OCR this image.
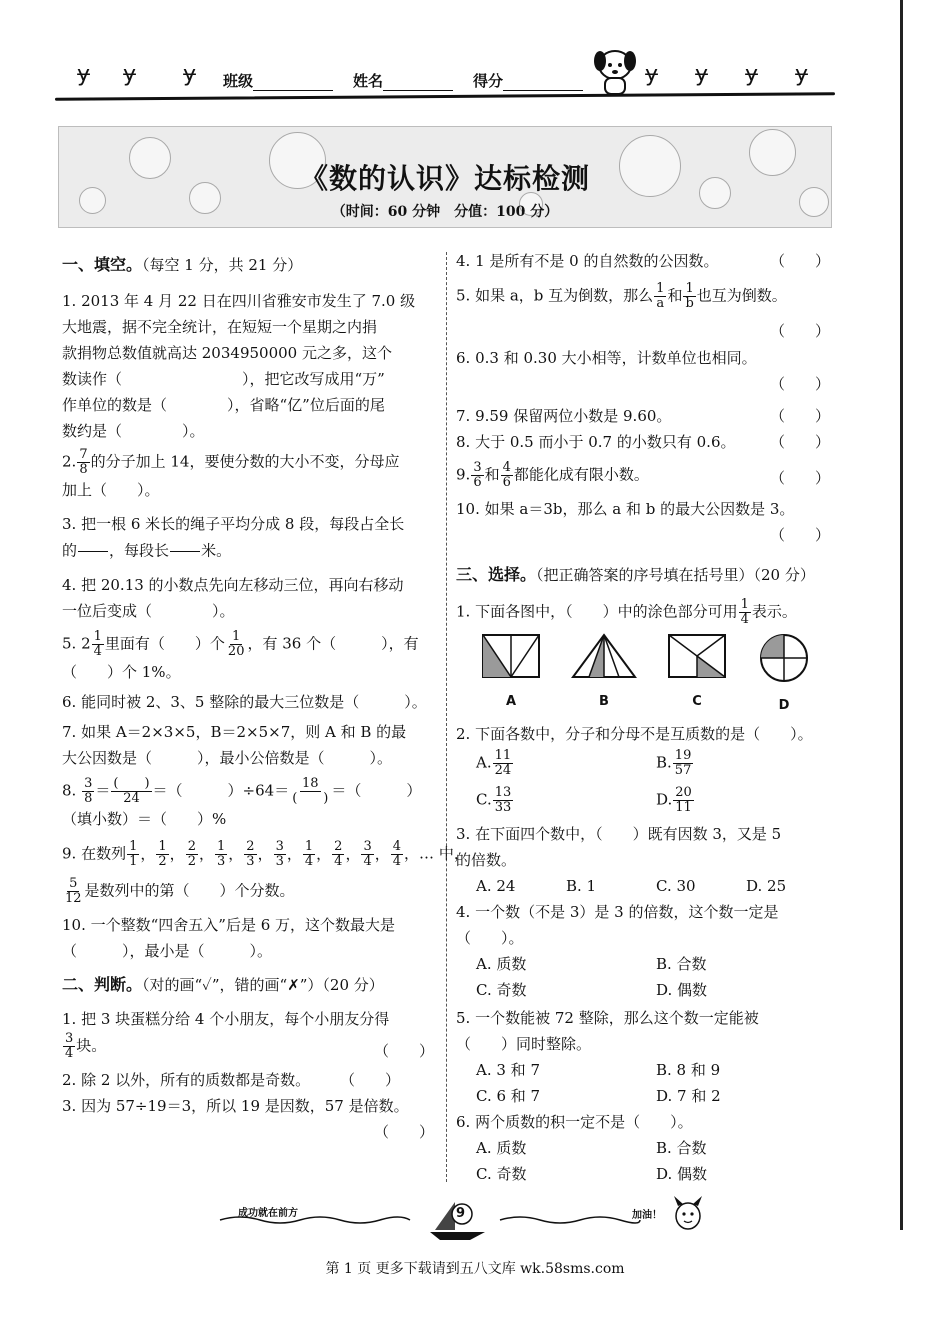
ɏ ɏ ɏ 班级	姓名	得分	ɏ ɏ ɏ ɏ
《数的认识》达标检测
（时间：60 分钟　分值：100 分）
一、填空。（每空 1 分，共 21 分）
1. 2013 年 4 月 22 日在四川省雅安市发生了 7.0 级
大地震，据不完全统计，在短短一个星期之内捐
款捐物总数值就高达 2034950000 元之多，这个
数读作（　　　　　　　　），把它改写成用“万”
作单位的数是（　　　　），省略“亿”位后面的尾
数约是（　　　　）。
2. $\frac{7}{8}$ 的分子加上 14，要使分数的大小不变，分母应
加上（　　）。
3. 把一根 6 米长的绳子平均分成 8 段，每段占全长
的

　　 ，每段长

　　 米。
4. 把 20.13 的小数点先向左移动三位，再向右移动
一位后变成（　　　　）。
5. $2 \frac{1}{4}$ 里面有（　　）个 $\frac{1}{20}$ ，有 36 个（　　　），有
（　　）个 1%。
6. 能同时被 2、3、5 整除的最大三位数是（　　　）。
7. 如果 A＝2×3×5，B＝2×5×7，则 A 和 B 的最
大公因数是（　　　），最小公倍数是（　　　）。
8. $\frac{3}{8} = \frac{( )}{24}$ ＝（　　　）$\div 64= \frac{18}{( )}$ ＝（　　　）
（填小数）＝（　　）%
9. 在数列 $\frac{1}{1}$ ， $\frac{1}{2}$ ， $\frac{2}{2}$ ， $\frac{1}{3}$ ， $\frac{2}{3}$ ， $\frac{3}{3}$ ， $\frac{1}{4}$ ， $\frac{2}{4}$ ， $\frac{3}{4}$ ， $\frac{4}{4}$ ，… 中，
$\frac{5}{12}$ 是数列中的第（　　）个分数。
10. 一个整数“四舍五入”后是 6 万，这个数最大是
（　　　），最小是（　　　）。
二、判断。（对的画“✓”，错的画“✗”）（20 分）
1. 把 3 块蛋糕分给 4 个小朋友，每个小朋友分得
$\frac{3}{4}$ 块。	（　　）
2. 除 2 以外，所有的质数都是奇数。 （　　）
3. 因为 57÷19＝3，所以 19 是因数，57 是倍数。
（　　）
4. 1 是所有不是 0 的自然数的公因数。	（　　）
5. 如果 a，b 互为倒数，那么 $\frac{1}{a}$ 和 $\frac{1}{b}$ 也互为倒数。
（　　）
6. 0.3 和 0.30 大小相等，计数单位也相同。
（　　）
7. 9.59 保留两位小数是 9.60。	（　　）
8. 大于 0.5 而小于 0.7 的小数只有 0.6。 （　　）
9. $\frac{3}{6}$ 和 $\frac{4}{6}$ 都能化成有限小数。	（　　）
10. 如果 a＝3b，那么 a 和 b 的最大公因数是 3。
（　　）
三、选择。（把正确答案的序号填在括号里）（20 分）
1. 下面各图中，（　　）中的涂色部分可用 $\frac{1}{4}$ 表示。
A	B	C	D
2. 下面各数中，分子和分母不是互质数的是（　　）。
A. $\frac{11}{24}$	B. $\frac{19}{57}$
C. $\frac{13}{33}$	D. $\frac{20}{11}$
3. 在下面四个数中，（　　）既有因数 3，又是 5
的倍数。
A. 24	B. 1	C. 30	D. 25
4. 一个数（不是 3）是 3 的倍数，这个数一定是（　　）。
A. 质数	B. 合数
C. 奇数	D. 偶数
5. 一个数能被 72 整除，那么这个数一定能被
（　　）同时整除。
A. 3 和 7	B. 8 和 9
C. 6 和 7	D. 7 和 2
6. 两个质数的积一定不是（　　）。
A. 质数	B. 合数
C. 奇数	D. 偶数
成功就在前方	9	加油！
第 1 页 更多下载请到五八文库 wk.58sms.com
